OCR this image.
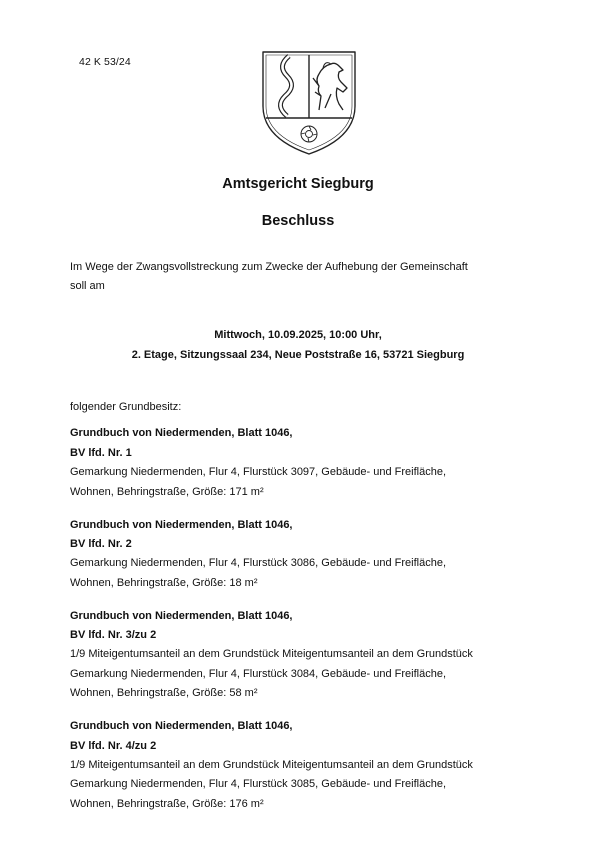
42 K 53/24
Amtsgericht Siegburg
Beschluss
Im Wege der Zwangsvollstreckung zum Zwecke der Aufhebung der Gemeinschaft
soll am
Mittwoch, 10.09.2025, 10:00 Uhr,
2. Etage, Sitzungssaal 234, Neue Poststraße 16, 53721 Siegburg
folgender Grundbesitz:
Grundbuch von Niedermenden, Blatt 1046,
BV lfd. Nr. 1
Gemarkung Niedermenden, Flur 4, Flurstück 3097, Gebäude- und Freifläche,
Wohnen, Behringstraße, Größe: 171 m²
Grundbuch von Niedermenden, Blatt 1046,
BV lfd. Nr. 2
Gemarkung Niedermenden, Flur 4, Flurstück 3086, Gebäude- und Freifläche,
Wohnen, Behringstraße, Größe: 18 m²
Grundbuch von Niedermenden, Blatt 1046,
BV lfd. Nr. 3/zu 2
1/9 Miteigentumsanteil an dem Grundstück Miteigentumsanteil an dem Grundstück
Gemarkung Niedermenden, Flur 4, Flurstück 3084, Gebäude- und Freifläche,
Wohnen, Behringstraße, Größe: 58 m²
Grundbuch von Niedermenden, Blatt 1046,
BV lfd. Nr. 4/zu 2
1/9 Miteigentumsanteil an dem Grundstück Miteigentumsanteil an dem Grundstück
Gemarkung Niedermenden, Flur 4, Flurstück 3085, Gebäude- und Freifläche,
Wohnen, Behringstraße, Größe: 176 m²
